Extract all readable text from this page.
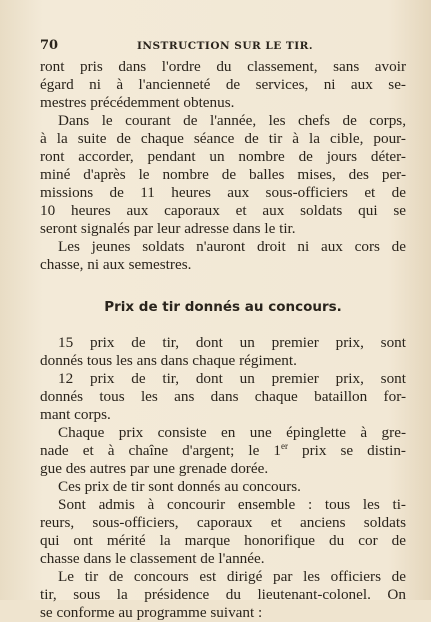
70	INSTRUCTION SUR LE TIR.
ront pris dans l'ordre du classement, sans avoir
égard ni à l'ancienneté de services, ni aux se-
mestres précédemment obtenus.
Dans le courant de l'année, les chefs de corps,
à la suite de chaque séance de tir à la cible, pour-
ront accorder, pendant un nombre de jours déter-
miné d'après le nombre de balles mises, des per-
missions de 11 heures aux sous-officiers et de
10 heures aux caporaux et aux soldats qui se
seront signalés par leur adresse dans le tir.
Les jeunes soldats n'auront droit ni aux cors de
chasse, ni aux semestres.
Prix de tir donnés au concours.
15 prix de tir, dont un premier prix, sont
donnés tous les ans dans chaque régiment.
12 prix de tir, dont un premier prix, sont
donnés tous les ans dans chaque bataillon for-
mant corps.
Chaque prix consiste en une épinglette à gre-
nade et à chaîne d'argent; le 1er prix se distin-
gue des autres par une grenade dorée.
Ces prix de tir sont donnés au concours.
Sont admis à concourir ensemble : tous les ti-
reurs, sous-officiers, caporaux et anciens soldats
qui ont mérité la marque honorifique du cor de
chasse dans le classement de l'année.
Le tir de concours est dirigé par les officiers de
tir, sous la présidence du lieutenant-colonel. On
se conforme au programme suivant :
